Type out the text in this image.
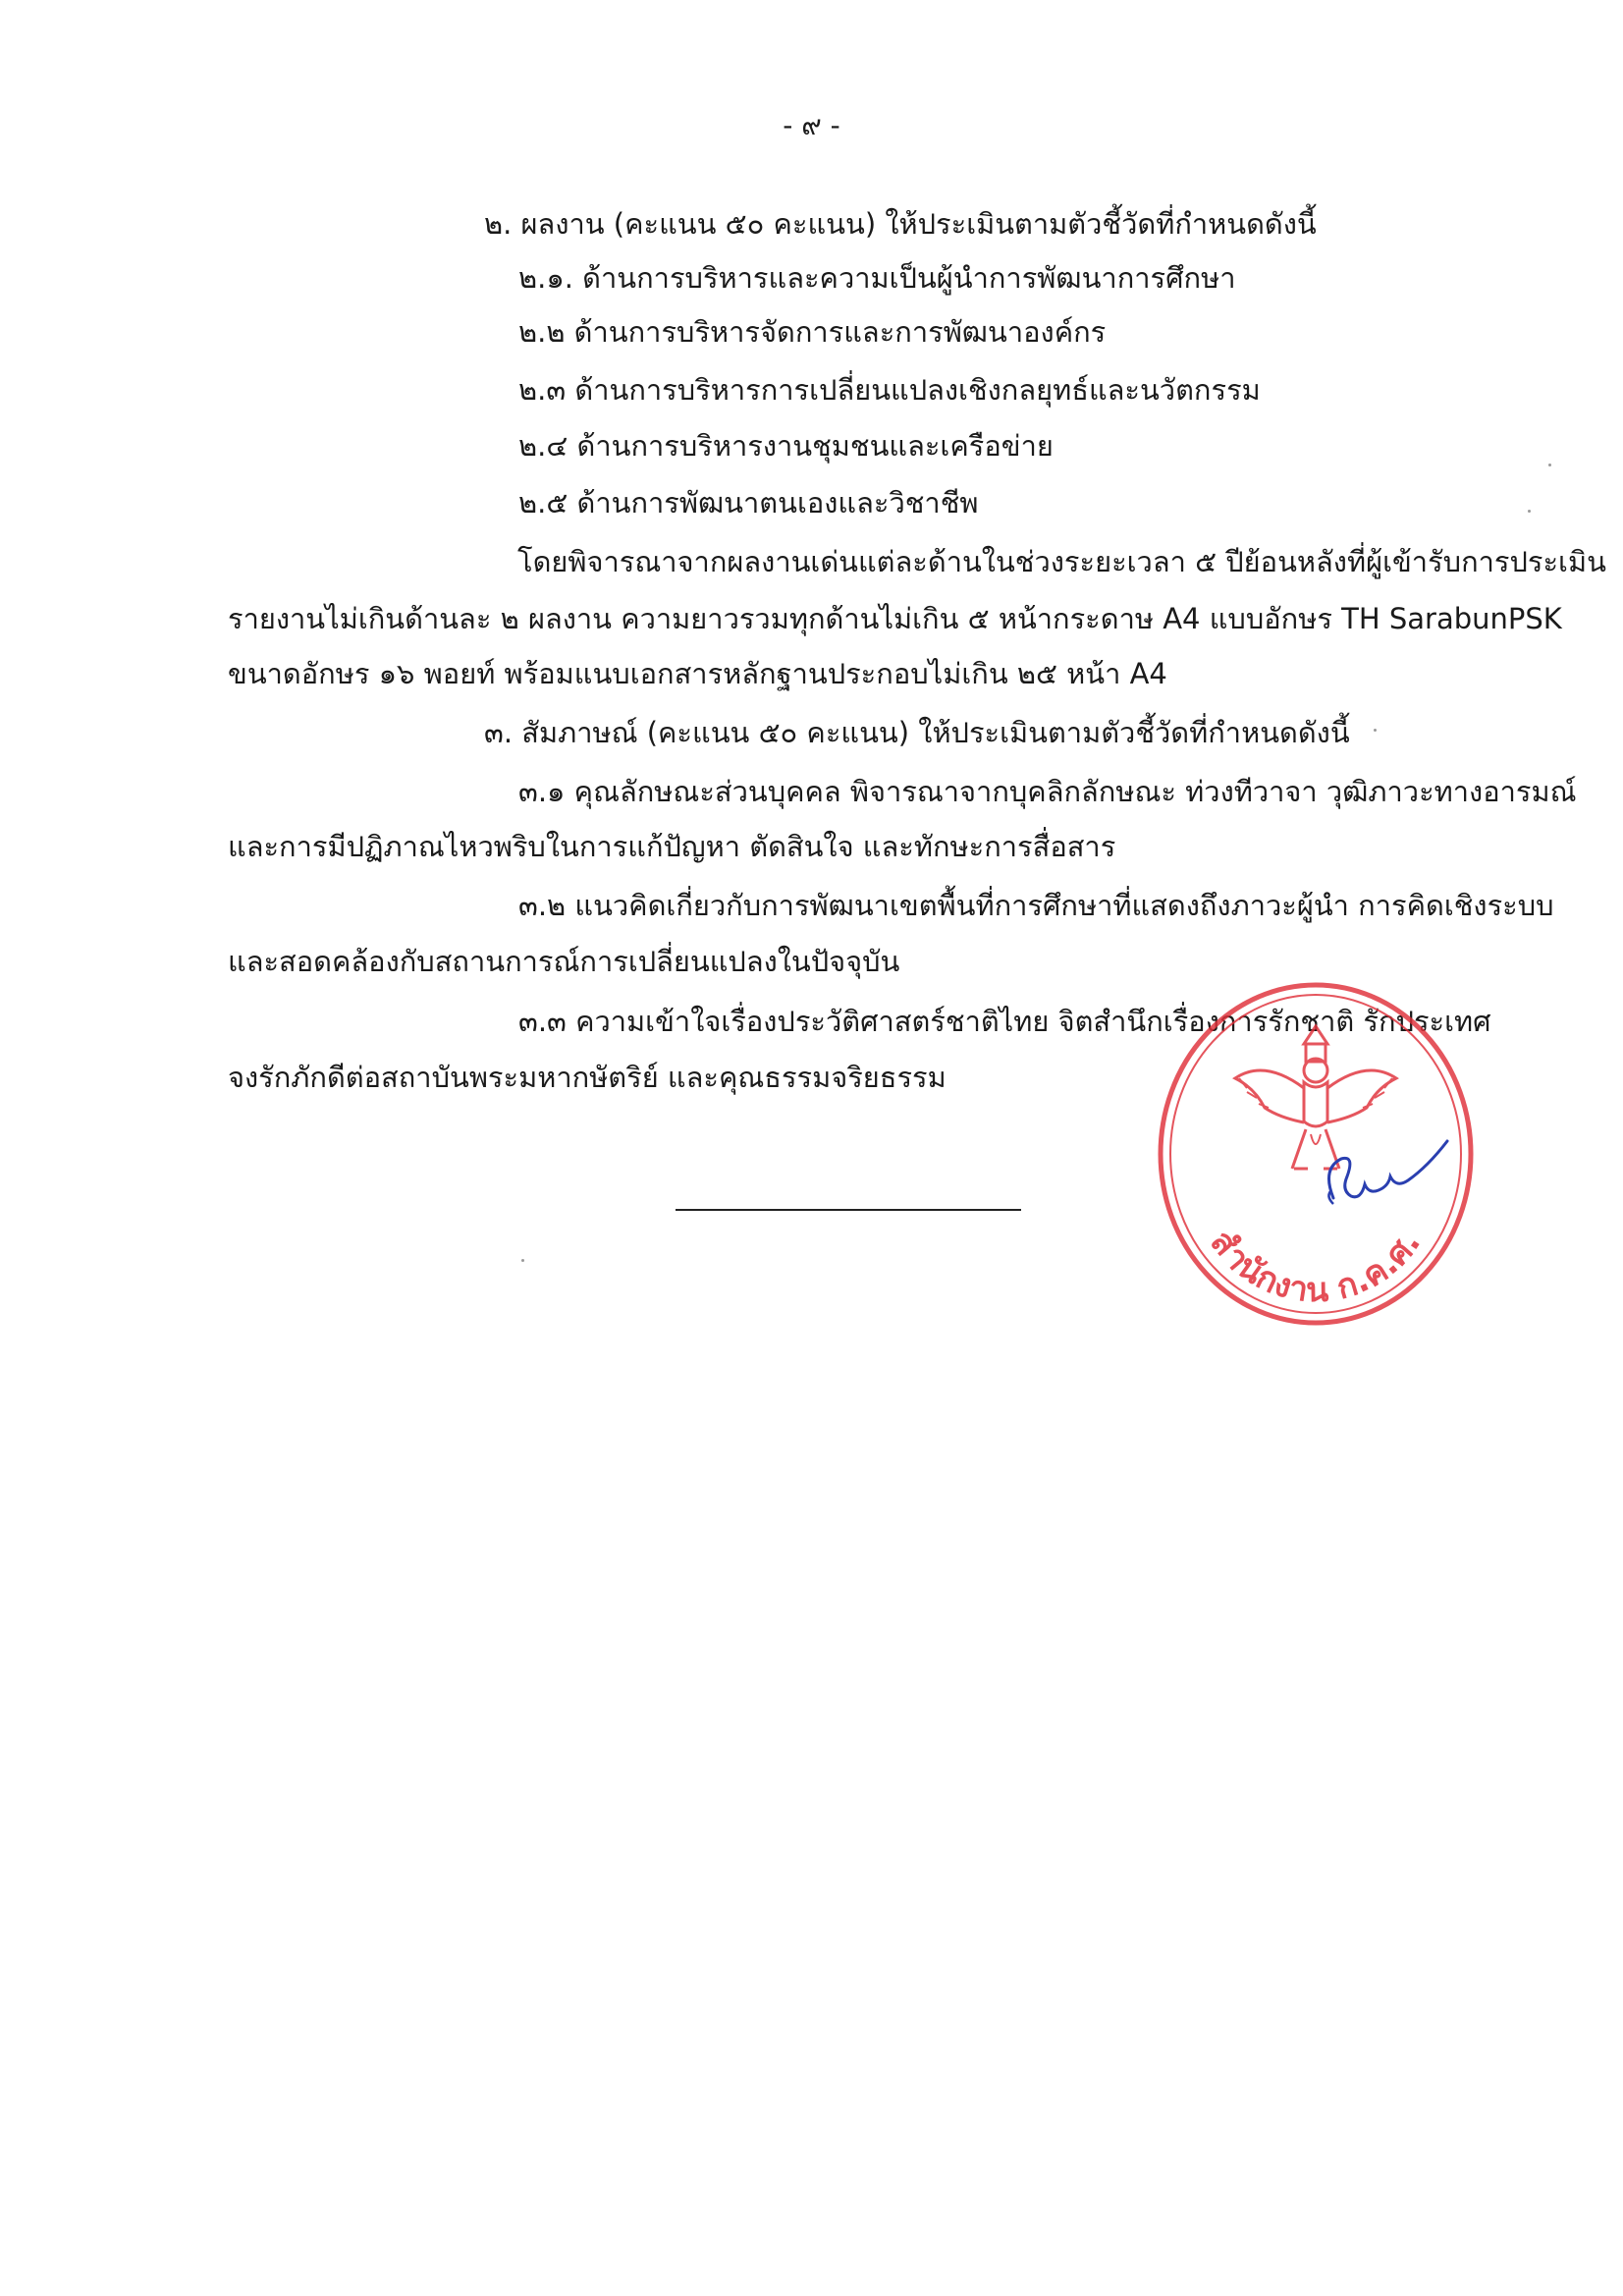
- ๙ -
๒. ผลงาน (คะแนน ๕๐ คะแนน) ให้ประเมินตามตัวชี้วัดที่กำหนดดังนี้
๒.๑. ด้านการบริหารและความเป็นผู้นำการพัฒนาการศึกษา
๒.๒ ด้านการบริหารจัดการและการพัฒนาองค์กร
๒.๓ ด้านการบริหารการเปลี่ยนแปลงเชิงกลยุทธ์และนวัตกรรม
๒.๔ ด้านการบริหารงานชุมชนและเครือข่าย
๒.๕ ด้านการพัฒนาตนเองและวิชาชีพ
โดยพิจารณาจากผลงานเด่นแต่ละด้านในช่วงระยะเวลา ๕ ปีย้อนหลังที่ผู้เข้ารับการประเมิน
รายงานไม่เกินด้านละ ๒ ผลงาน ความยาวรวมทุกด้านไม่เกิน ๕ หน้ากระดาษ A4 แบบอักษร TH SarabunPSK
ขนาดอักษร ๑๖ พอยท์ พร้อมแนบเอกสารหลักฐานประกอบไม่เกิน ๒๕ หน้า A4
๓. สัมภาษณ์ (คะแนน ๕๐ คะแนน) ให้ประเมินตามตัวชี้วัดที่กำหนดดังนี้
๓.๑ คุณลักษณะส่วนบุคคล พิจารณาจากบุคลิกลักษณะ ท่วงทีวาจา วุฒิภาวะทางอารมณ์
และการมีปฏิภาณไหวพริบในการแก้ปัญหา ตัดสินใจ และทักษะการสื่อสาร
๓.๒ แนวคิดเกี่ยวกับการพัฒนาเขตพื้นที่การศึกษาที่แสดงถึงภาวะผู้นำ การคิดเชิงระบบ
และสอดคล้องกับสถานการณ์การเปลี่ยนแปลงในปัจจุบัน
๓.๓ ความเข้าใจเรื่องประวัติศาสตร์ชาติไทย จิตสำนึกเรื่องการรักชาติ รักประเทศ
จงรักภักดีต่อสถาบันพระมหากษัตริย์ และคุณธรรมจริยธรรม
สำนักงาน ก.ค.ศ.
